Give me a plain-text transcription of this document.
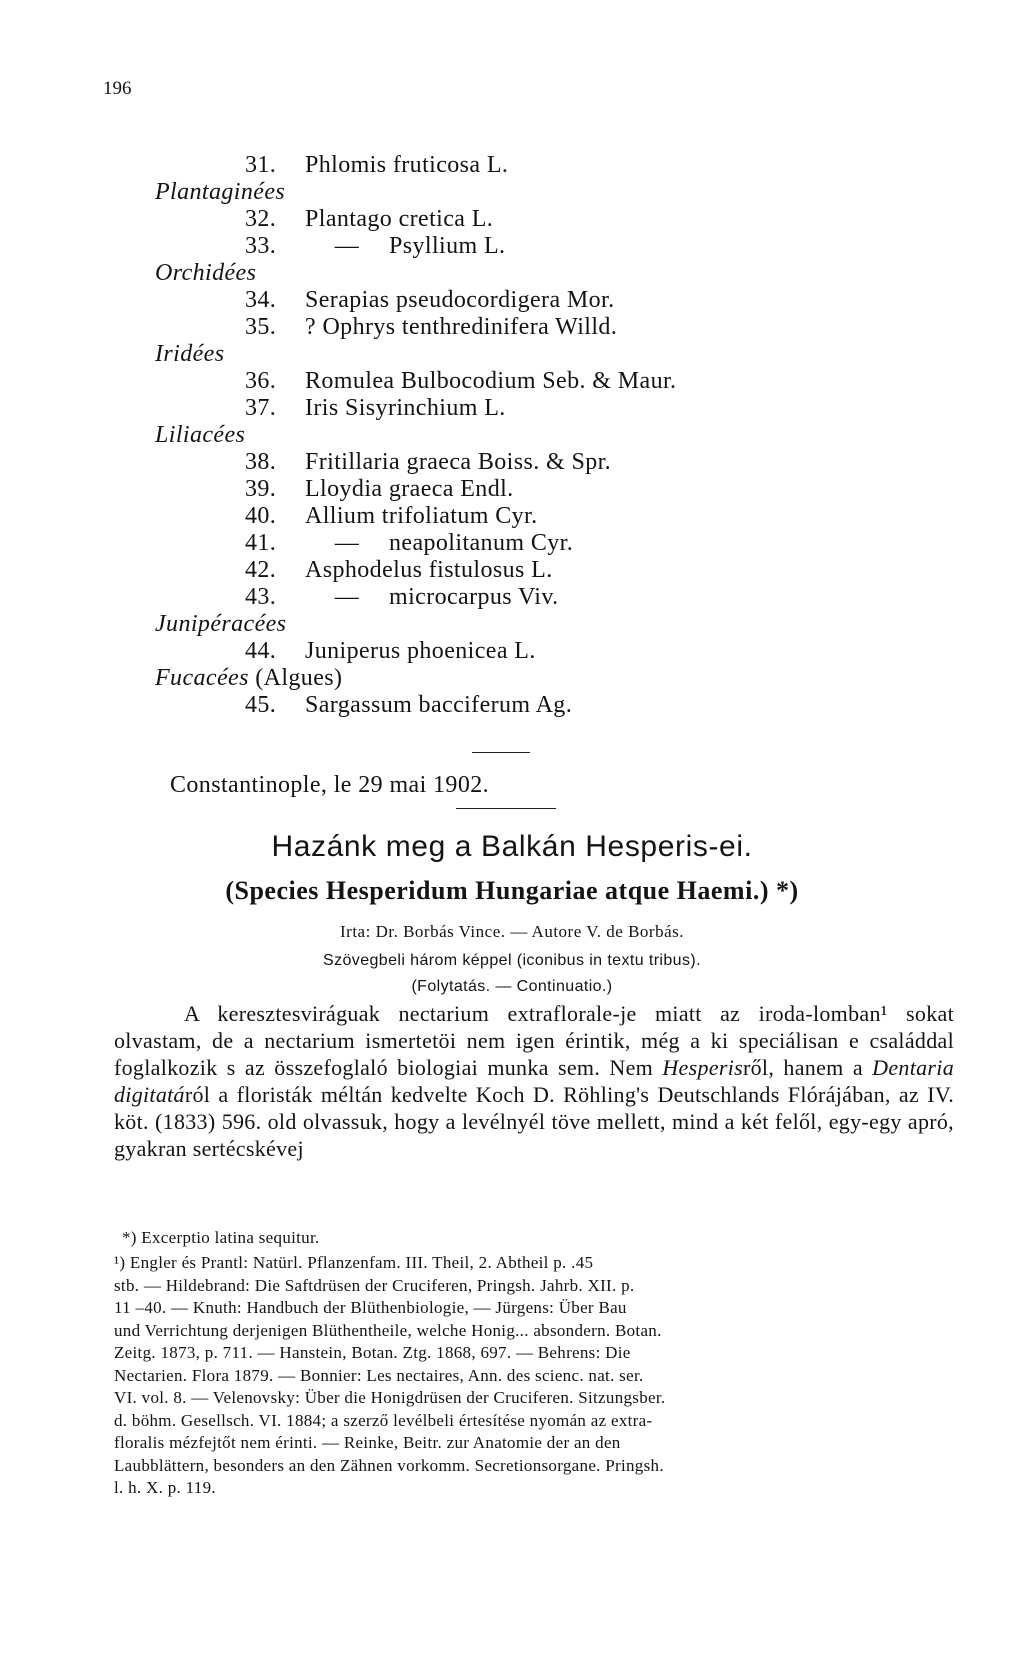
196
31. Phlomis fruticosa L.
Plantaginées
32. Plantago cretica L.
33. — Psyllium L.
Orchidées
34. Serapias pseudocordigera Mor.
35. ? Ophrys tenthredinifera Willd.
Iridées
36. Romulea Bulbocodium Seb. & Maur.
37. Iris Sisyrinchium L.
Liliacées
38. Fritillaria graeca Boiss. & Spr.
39. Lloydia graeca Endl.
40. Allium trifoliatum Cyr.
41. — neapolitanum Cyr.
42. Asphodelus fistulosus L.
43. — microcarpus Viv.
Junipéracées
44. Juniperus phoenicea L.
Fucacées (Algues)
45. Sargassum bacciferum Ag.
Constantinople, le 29 mai 1902.
Hazánk meg a Balkán Hesperis-ei.
(Species Hesperidum Hungariae atque Haemi.) *)
Irta: Dr. Borbás Vince. — Autore V. de Borbás.
Szövegbeli három képpel (iconibus in textu tribus).
(Folytatás. — Continuatio.)

A keresztesviráguak nectarium extraflorale-je miatt az iroda-lomban¹ sokat olvastam, de a nectarium ismertetöi nem igen érintik, még a ki speciálisan e családdal foglalkozik s az összefoglaló biologiai munka sem. Nem Hesperisről, hanem a Dentaria digitatáról a floristák méltán kedvelte Koch D. Röhling's Deutschlands Flórájában, az IV. köt. (1833) 596. old olvassuk, hogy a levélnyél töve mellett, mind a két felől, egy-egy apró, gyakran sertécskévej

*) Excerptio latina sequitur.
¹) Engler és Prantl: Natürl. Pflanzenfam. III. Theil, 2. Abtheil p. .45
stb. — Hildebrand: Die Saftdrüsen der Cruciferen, Pringsh. Jahrb. XII. p.
11 –40. — Knuth: Handbuch der Blüthenbiologie, — Jürgens: Über Bau
und Verrichtung derjenigen Blüthentheile, welche Honig... absondern. Botan.
Zeitg. 1873, p. 711. — Hanstein, Botan. Ztg. 1868, 697. — Behrens: Die
Nectarien. Flora 1879. — Bonnier: Les nectaires, Ann. des scienc. nat. ser.
VI. vol. 8. — Velenovsky: Über die Honigdrüsen der Cruciferen. Sitzungsber.
d. böhm. Gesellsch. VI. 1884; a szerző levélbeli értesítése nyomán az extra-
floralis mézfejtőt nem érinti. — Reinke, Beitr. zur Anatomie der an den
Laubblättern, besonders an den Zähnen vorkomm. Secretionsorgane. Pringsh.
l. h. X. p. 119.
